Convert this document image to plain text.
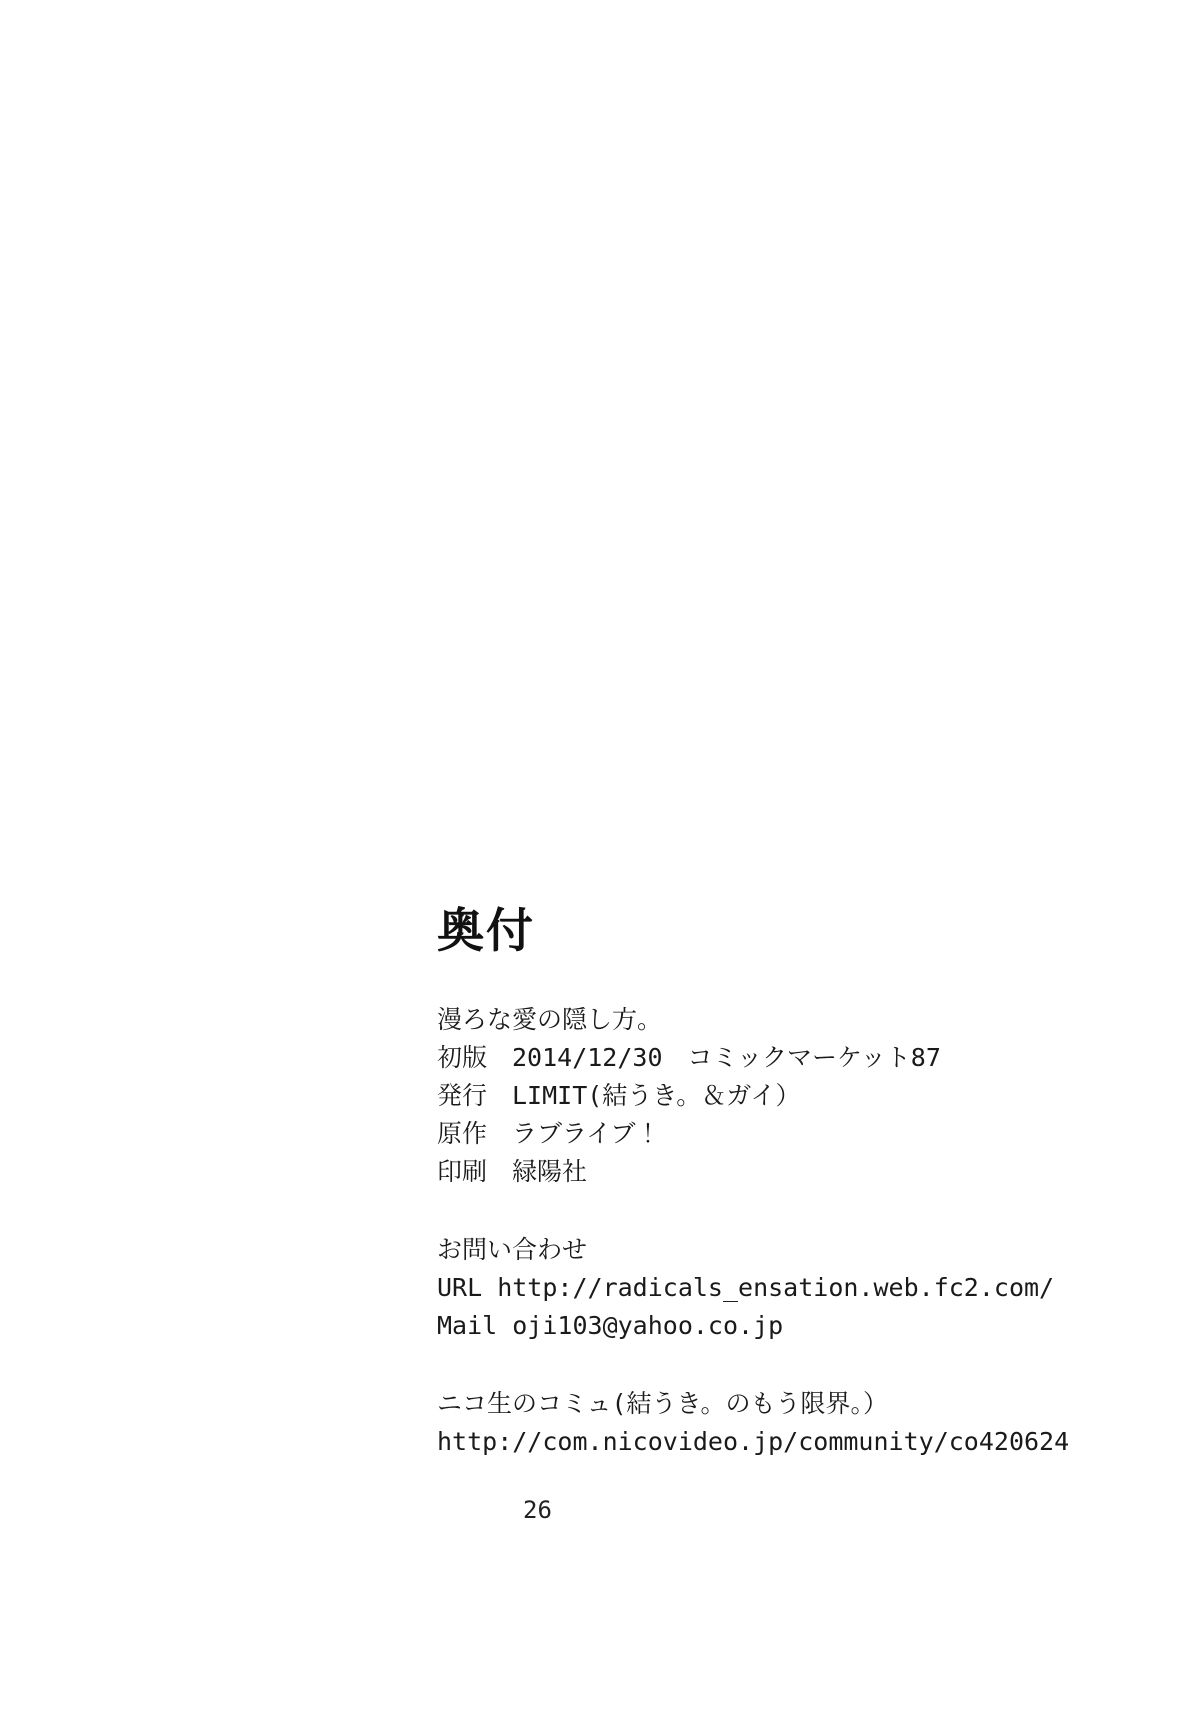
奥付
漫ろな愛の隠し方。
初版　2014/12/30　コミックマーケット87
発行　LIMIT(結うき。＆ガイ）
原作　ラブライブ！
印刷　緑陽社
お問い合わせ
URL http://radicals_ensation.web.fc2.com/
Mail oji103@yahoo.co.jp
ニコ生のコミュ(結うき。のもう限界。）
http://com.nicovideo.jp/community/co420624
26
